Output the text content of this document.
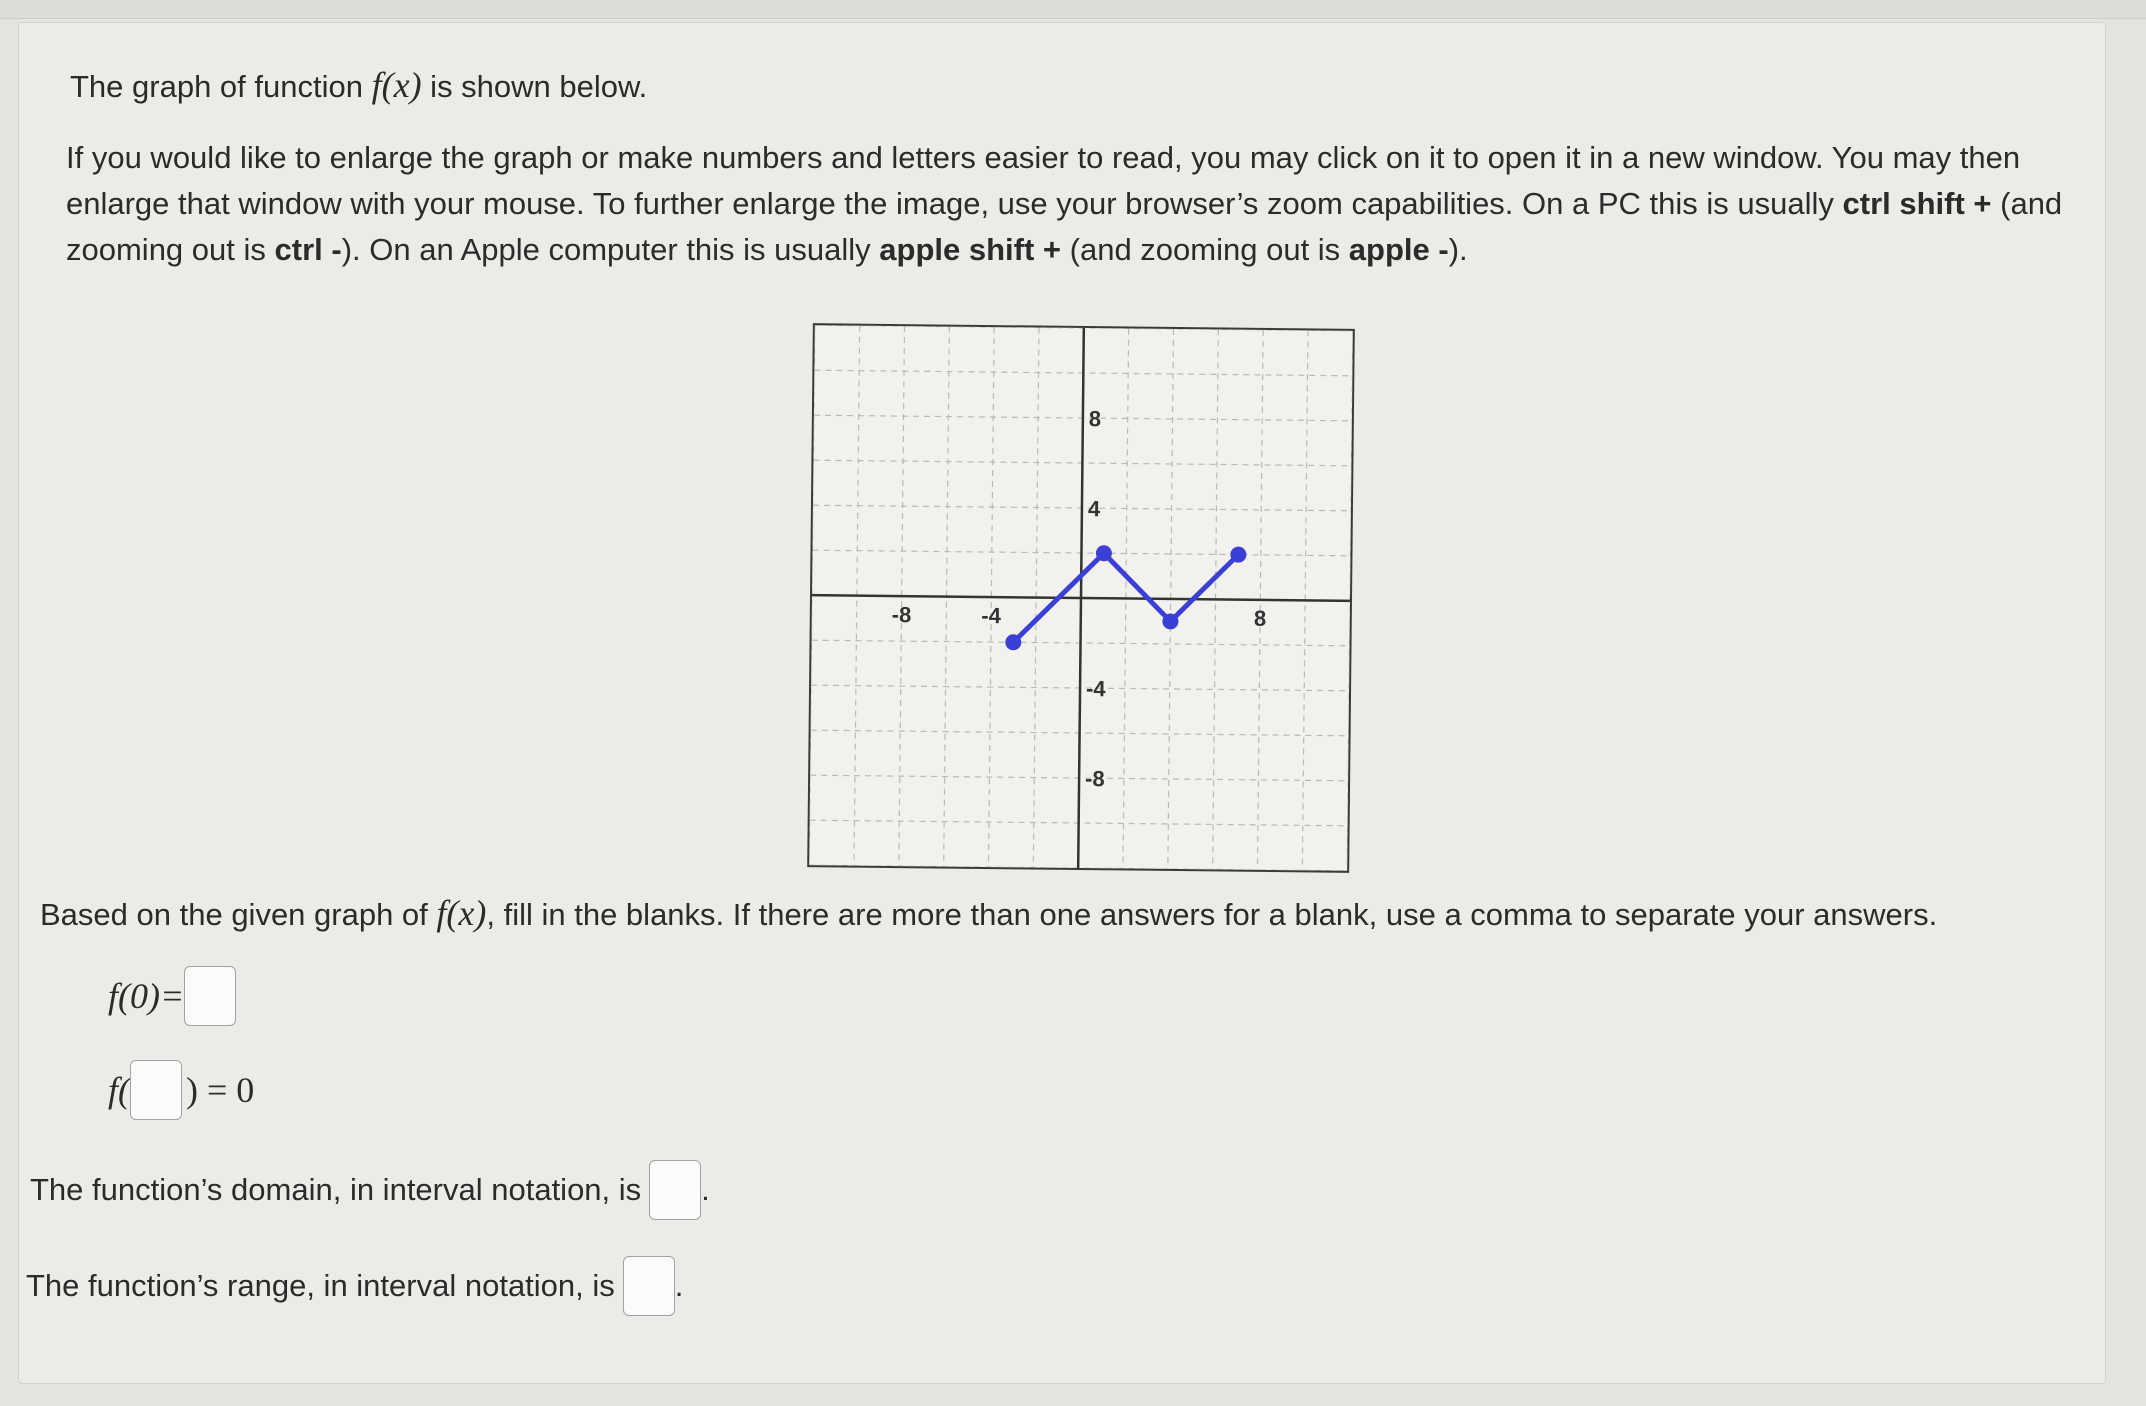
The graph of function f(x) is shown below.
If you would like to enlarge the graph or make numbers and letters easier to read, you may click on it to open it in a new window. You may then enlarge that window with your mouse. To further enlarge the image, use your browser’s zoom capabilities. On a PC this is usually ctrl shift + (and zooming out is ctrl -). On an Apple computer this is usually apple shift + (and zooming out is apple -).
-8	-4	8
8
4
-4
-8
Based on the given graph of f(x), fill in the blanks. If there are more than one answers for a blank, use a comma to separate your answers.
f(0)=
f( ) = 0
The function’s domain, in interval notation, is .
The function’s range, in interval notation, is .
